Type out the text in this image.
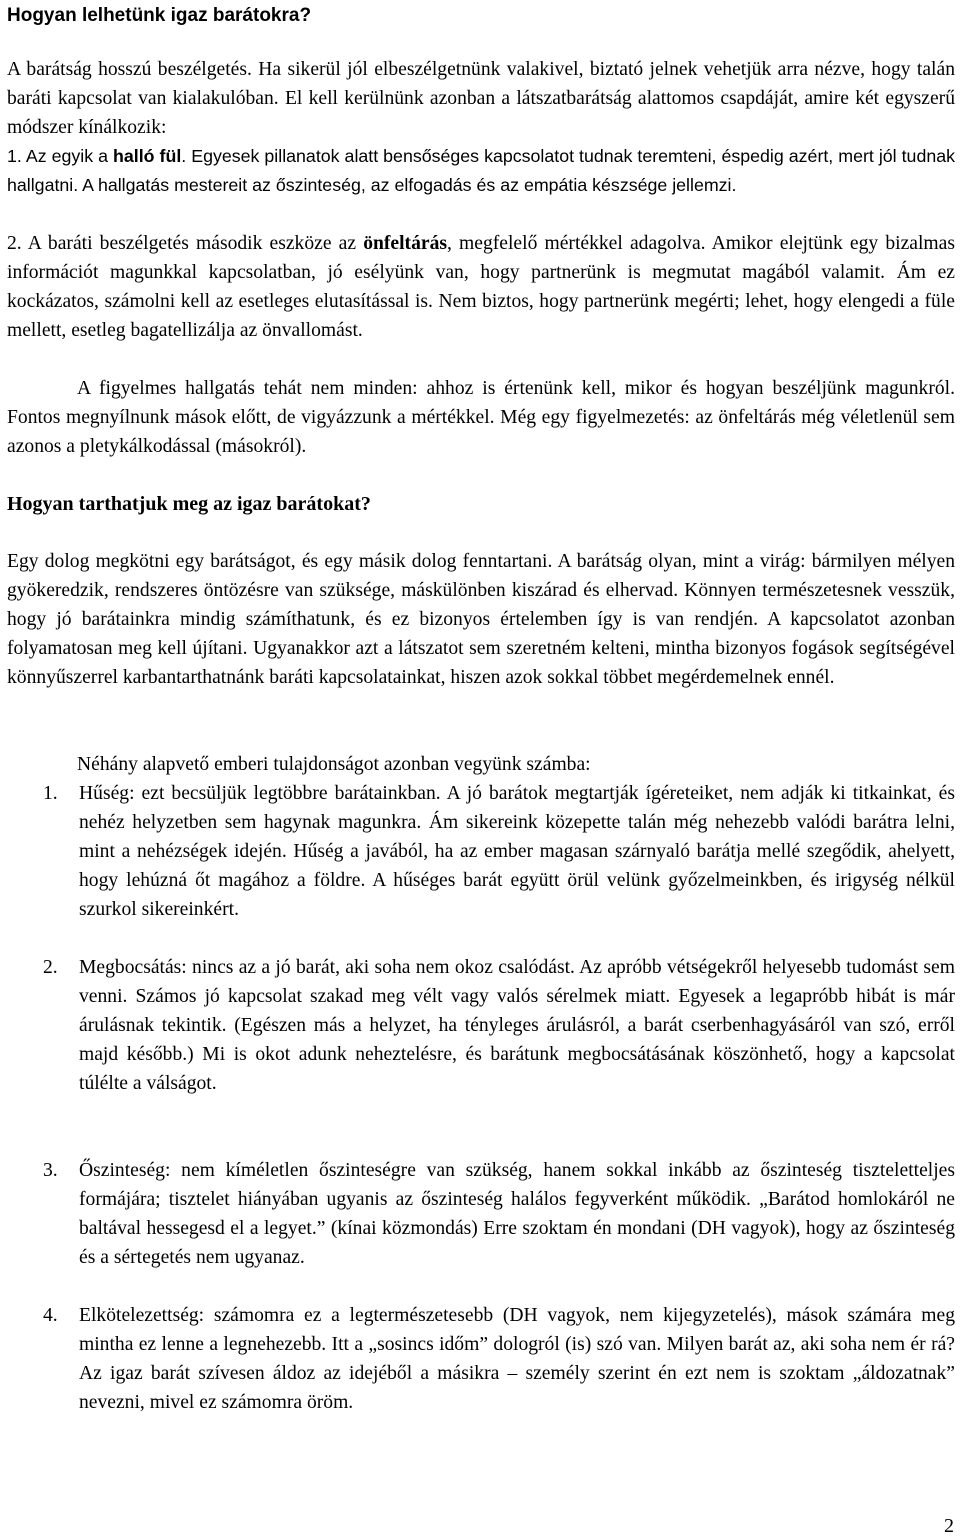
Hogyan lelhetünk igaz barátokra?

A barátság hosszú beszélgetés. Ha sikerül jól elbeszélgetnünk valakivel, biztató jelnek vehetjük arra nézve, hogy talán baráti kapcsolat van kialakulóban. El kell kerülnünk azonban a látszatbarátság alattomos csapdáját, amire két egyszerű módszer kínálkozik:

1. Az egyik a halló fül. Egyesek pillanatok alatt bensőséges kapcsolatot tudnak teremteni, éspedig azért, mert jól tudnak hallgatni. A hallgatás mestereit az őszinteség, az elfogadás és az empátia készsége jellemzi.

2. A baráti beszélgetés második eszköze az önfeltárás, megfelelő mértékkel adagolva. Amikor elejtünk egy bizalmas információt magunkkal kapcsolatban, jó esélyünk van, hogy partnerünk is megmutat magából valamit. Ám ez kockázatos, számolni kell az esetleges elutasítással is. Nem biztos, hogy partnerünk megérti; lehet, hogy elengedi a füle mellett, esetleg bagatellizálja az önvallomást.

A figyelmes hallgatás tehát nem minden: ahhoz is értenünk kell, mikor és hogyan beszéljünk magunkról. Fontos megnyílnunk mások előtt, de vigyázzunk a mértékkel. Még egy figyelmezetés: az önfeltárás még véletlenül sem azonos a pletykálkodással (másokról).

Hogyan tarthatjuk meg az igaz barátokat?

Egy dolog megkötni egy barátságot, és egy másik dolog fenntartani. A barátság olyan, mint a virág: bármilyen mélyen gyökeredzik, rendszeres öntözésre van szüksége, máskülönben kiszárad és elhervad. Könnyen természetesnek vesszük, hogy jó barátainkra mindig számíthatunk, és ez bizonyos értelemben így is van rendjén. A kapcsolatot azonban folyamatosan meg kell újítani. Ugyanakkor azt a látszatot sem szeretném kelteni, mintha bizonyos fogások segítségével könnyűszerrel karbantarthatnánk baráti kapcsolatainkat, hiszen azok sokkal többet megérdemelnek ennél.

Néhány alapvető emberi tulajdonságot azonban vegyünk számba:

1.	Hűség: ezt becsüljük legtöbbre barátainkban. A jó barátok megtartják ígéreteiket, nem adják ki titkainkat, és nehéz helyzetben sem hagynak magunkra. Ám sikereink közepette talán még nehezebb valódi barátra lelni, mint a nehézségek idején. Hűség a javából, ha az ember magasan szárnyaló barátja mellé szegődik, ahelyett, hogy lehúzná őt magához a földre. A hűséges barát együtt örül velünk győzelmeinkben, és irigység nélkül szurkol sikereinkért.
2.	Megbocsátás: nincs az a jó barát, aki soha nem okoz csalódást. Az apróbb vétségekről helyesebb tudomást sem venni. Számos jó kapcsolat szakad meg vélt vagy valós sérelmek miatt. Egyesek a legapróbb hibát is már árulásnak tekintik. (Egészen más a helyzet, ha tényleges árulásról, a barát cserbenhagyásáról van szó, erről majd később.) Mi is okot adunk neheztelésre, és barátunk megbocsátásának köszönhető, hogy a kapcsolat túlélte a válságot.
3.	Őszinteség: nem kíméletlen őszinteségre van szükség, hanem sokkal inkább az őszinteség tiszteletteljes formájára; tisztelet hiányában ugyanis az őszinteség halálos fegyverként működik. „Barátod homlokáról ne baltával hessegesd el a legyet.” (kínai közmondás) Erre szoktam én mondani (DH vagyok), hogy az őszinteség és a sértegetés nem ugyanaz.
4.	Elkötelezettség: számomra ez a legtermészetesebb (DH vagyok, nem kijegyzetelés), mások számára meg mintha ez lenne a legnehezebb. Itt a „sosincs időm” dologról (is) szó van. Milyen barát az, aki soha nem ér rá? Az igaz barát szívesen áldoz az idejéből a másikra – személy szerint én ezt nem is szoktam „áldozatnak” nevezni, mivel ez számomra öröm.
2
